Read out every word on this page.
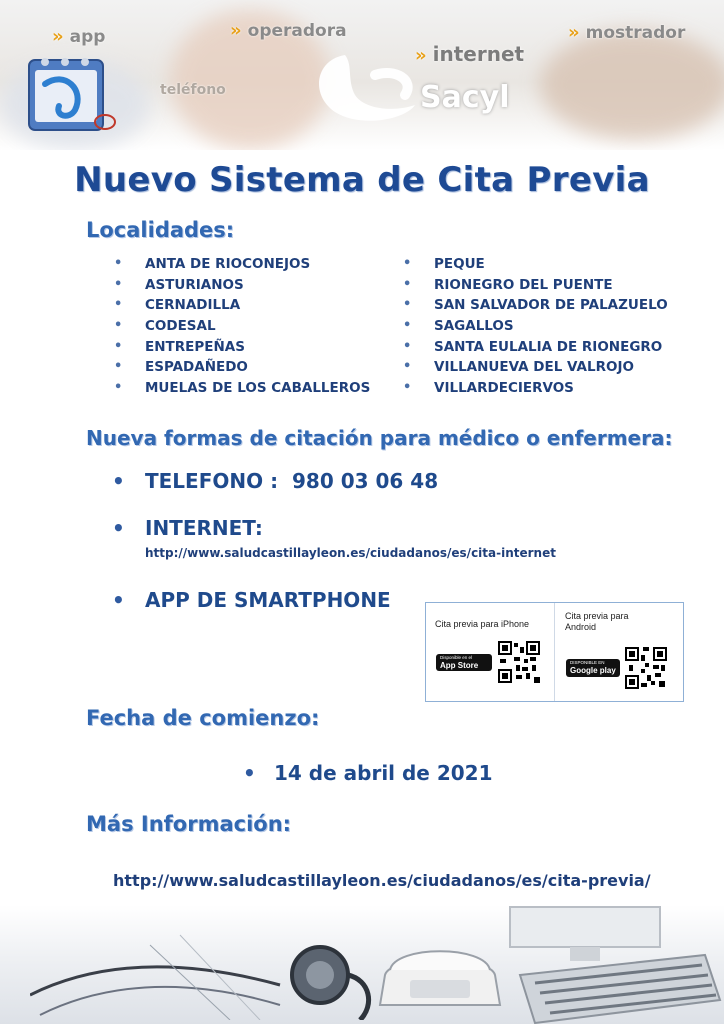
» app	» operadora
» internet
» mostrador
teléfono	Sacyl
Nuevo Sistema de Cita Previa
Localidades:
• ANTA DE RIOCONEJOS
• ASTURIANOS
• CERNADILLA
• CODESAL
• ENTREPEÑAS
• ESPADAÑEDO
• MUELAS DE LOS CABALLEROS
• PEQUE
• RIONEGRO DEL PUENTE
• SAN SALVADOR DE PALAZUELO
• SAGALLOS
• SANTA EULALIA DE RIONEGRO
• VILLANUEVA DEL VALROJO
• VILLARDECIERVOS
Nueva formas de citación para médico o enfermera:
• TELEFONO :  980 03 06 48
• INTERNET:
http://www.saludcastillayleon.es/ciudadanos/es/cita-internet
• APP DE SMARTPHONE
Cita previa para iPhone
Disponible en el
App Store
Cita previa para Android
DISPONIBLE EN
Google play
Fecha de comienzo:
• 14 de abril de 2021
Más Información:
http://www.saludcastillayleon.es/ciudadanos/es/cita-previa/
